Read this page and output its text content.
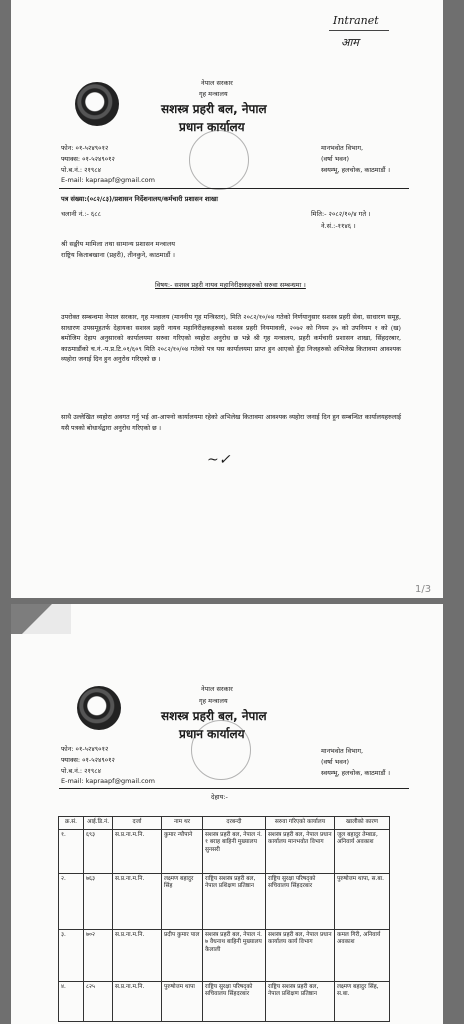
Intranet
आम
नेपाल सरकार
गृह मन्त्रालय
सशस्त्र प्रहरी बल, नेपाल
प्रधान कार्यालय
फोन: ०१-५२४९०१२
फ्याक्स: ०१-५२४९०१२
पो.ब.नं.: २१९८४
E-mail: kapraapf@gmail.com
मानभवोत विभाग,
(वर्षा भवन)
स्वयम्भू, हलचोक, काठमाडौं ।
पत्र संख्या:(०८२/८३)/प्रशासन निर्देशनालय/कर्मचारी प्रशासन शाखा
चलानी नं.:- ६८८	मिति:- २०८२/१०/४ गते ।
ने.सं.:-११४६ ।
श्री सङ्घीय मामिला तथा सामान्य प्रशासन मन्त्रालय
राष्ट्रिय किताबखाना (प्रहरी), तीनकुने, काठमाडौं ।
विषय:- सशस्त्र प्रहरी नायव महानिरीक्षकहरुको सरुवा सम्बन्धमा ।
उपरोक्त सम्बन्धमा नेपाल सरकार, गृह मन्त्रालय (माननीय गृह मन्त्रिस्तर), मिति २०८२/१०/०४ गतेको निर्णयानुसार सशस्त्र प्रहरी सेवा, साधारण समूह, साधारण उपसमूहतर्फ देहायका सशस्त्र प्रहरी नायव महानिरीक्षकहरुको सशस्त्र प्रहरी नियमावली, २०७२ को नियम ३५ को उपनियम १ को (ख) बमोजिम देहाय अनुसारको कार्यालयमा सरुवा गरिएको व्यहोरा अनुरोध छ भन्ने श्री गृह मन्त्रालय, प्रहरी कर्मचारी प्रशासन शाखा, सिंहदरबार, काठमाडौंको च.नं.-प.प्र.टि.०१/६०९ मिति २०८२/१०/०४ गतेको पत्र यस कार्यालयमा प्राप्त हुन आएको हुँदा निजहरुको अभिलेख कितावमा आवश्यक व्यहोरा जनाई दिन हुन अनुरोध गरिएको छ ।
साथै उल्लेखित व्यहोरा अवगत गर्नु भई आ-आफ्नो कार्यालयमा रहेको अभिलेख कितावमा आवश्यक व्यहोरा जनाई दिन हुन सम्बन्धित कार्यालयहरुलाई यसै पत्रको बोधार्थद्वारा अनुरोध गरिएको छ ।
~✓
1/3
नेपाल सरकार
गृह मन्त्रालय
सशस्त्र प्रहरी बल, नेपाल
प्रधान कार्यालय
फोन: ०१-५२४९०१२
फ्याक्स: ०१-५२४९०१२
पो.ब.नं.: २१९८४
E-mail: kapraapf@gmail.com
मानभवोत विभाग,
(वर्षा भवन)
स्वयम्भू, हलचोक, काठमाडौं ।
देहाय:-
क्र.सं.	आई.डि.नं.	दर्जा	नाम थर	दरबन्दी	सरुवा गरिएको कार्यालय	खालीको कारण
१.	६९३	स.प्र.ना.म.नि.	कुमार न्यौपाने	सशस्त्र प्रहरी बल, नेपाल नं. १ बराह बाहिनी मुख्यालय सुनसरी	सशस्त्र प्रहरी बल, नेपाल प्रधान कार्यालय मानभवोत विभाग	जुल बहादुर तेम्बाङ, अनिवार्य अवकाश
२.	७६३	स.प्र.ना.म.नि.	लक्ष्मण बहादुर सिंह	राष्ट्रिय सशस्त्र प्रहरी बल, नेपाल प्रशिक्षण प्रतिष्ठान	राष्ट्रिय सुरक्षा परिषद्को सचिवालय सिंहदरबार	पुरुषोत्तम थापा, स.बा.
३.	७०२	स.प्र.ना.म.नि.	प्रदीप कुमार पाल	सशस्त्र प्रहरी बल, नेपाल नं. ७ वैधनाथ बाहिनी मुख्यालय कैलाली	सशस्त्र प्रहरी बल, नेपाल प्रधान कार्यालय कार्य विभाग	कमल गिरी, अनिवार्य अवकाश
४.	८२५	स.प्र.ना.म.नि.	पुरुषोत्तम थापा	राष्ट्रिय सुरक्षा परिषद्को सचिवालय सिंहदरबार	राष्ट्रिय सशस्त्र प्रहरी बल, नेपाल प्रशिक्षण प्रतिष्ठान	लक्ष्मण बहादुर सिंह, स.बा.
